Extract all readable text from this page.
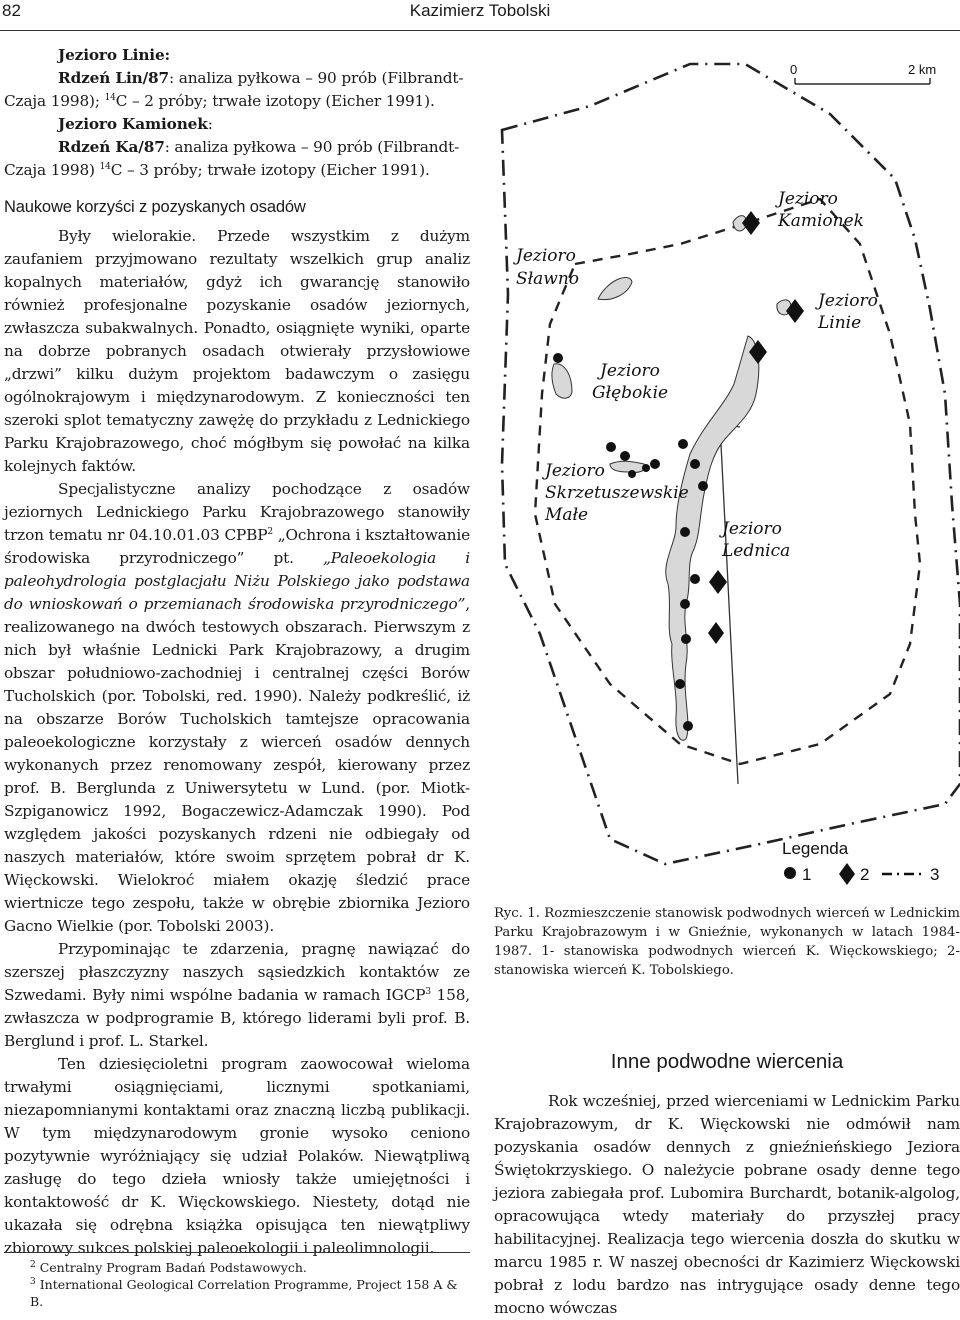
82	Kazimierz Tobolski

Jezioro Linie:

Rdzeń Lin/87: analiza pyłkowa – 90 prób (Filbrandt-

Czaja 1998); $^{14}$C – 2 próby; trwałe izotopy (Eicher 1991).

Jezioro Kamionek:

Rdzeń Ka/87: analiza pyłkowa – 90 prób (Filbrandt-

Czaja 1998) $^{14}$C – 3 próby; trwałe izotopy (Eicher 1991).

Naukowe korzyści z pozyskanych osadów

Były wielorakie. Przede wszystkim z dużym zaufaniem przyjmowano rezultaty wszelkich grup analiz kopalnych materiałów, gdyż ich gwarancję stanowiło również profesjonalne pozyskanie osadów jeziornych, zwłaszcza subakwalnych. Ponadto, osiągnięte wyniki, oparte na dobrze pobranych osadach otwierały przysłowiowe „drzwi” kilku dużym projektom badawczym o zasięgu ogólnokrajowym i międzynarodowym. Z konieczności ten szeroki splot tematyczny zawężę do przykładu z Lednickiego Parku Krajobrazowego, choć mógłbym się powołać na kilka kolejnych faktów.

Specjalistyczne analizy pochodzące z osadów jeziornych Lednickiego Parku Krajobrazowego stanowiły trzon tematu nr 04.10.01.03 CPBP$^2$ „Ochrona i kształtowanie środowiska przyrodniczego” pt. „Paleoekologia i paleohydrologia postglacjału Niżu Polskiego jako podstawa do wnioskowań o przemianach środowiska przyrodniczego”, realizowanego na dwóch testowych obszarach. Pierwszym z nich był właśnie Lednicki Park Krajobrazowy, a drugim obszar południowo-zachodniej i centralnej części Borów Tucholskich (por. Tobolski, red. 1990). Należy podkreślić, iż na obszarze Borów Tucholskich tamtejsze opracowania paleoekologiczne korzystały z wierceń osadów dennych wykonanych przez renomowany zespół, kierowany przez prof. B. Berglunda z Uniwersytetu w Lund. (por. Miotk-Szpiganowicz 1992, Bogaczewicz-Adamczak 1990). Pod względem jakości pozyskanych rdzeni nie odbiegały od naszych materiałów, które swoim sprzętem pobrał dr K. Więckowski. Wielokroć miałem okazję śledzić prace wiertnicze tego zespołu, także w obrębie zbiornika Jezioro Gacno Wielkie (por. Tobolski 2003).

Przypominając te zdarzenia, pragnę nawiązać do szerszej płaszczyzny naszych sąsiedzkich kontaktów ze Szwedami. Były nimi wspólne badania w ramach IGCP$^3$ 158, zwłaszcza w podprogramie B, którego liderami byli prof. B. Berglund i prof. L. Starkel.

Ten dziesięcioletni program zaowocował wieloma trwałymi osiągnięciami, licznymi spotkaniami, niezapomnianymi kontaktami oraz znaczną liczbą publikacji. W tym międzynarodowym gronie wysoko ceniono pozytywnie wyróżniający się udział Polaków. Niewątpliwą zasługę do tego dzieła wniosły także umiejętności i kontaktowość dr K. Więckowskiego. Niestety, dotąd nie ukazała się odrębna książka opisująca ten niewątpliwy zbiorowy sukces polskiej paleoekologii i paleolimnologii.

$^2$ Centralny Program Badań Podstawowych.

$^3$ International Geological Correlation Programme, Project 158 A & B.

0	2 km
Jezioro
Sławno
Jezioro
Kamionek
Jezioro
Linie
Jezioro
Głębokie
Jezioro
Skrzetuszewskie
Małe
Jezioro
Lednica
Legenda
1	2	3
Ryc. 1. Rozmieszczenie stanowisk podwodnych wierceń w Lednickim Parku Krajobrazowym i w Gnieźnie, wykonanych w latach 1984-1987. 1- stanowiska podwodnych wierceń K. Więckowskiego; 2- stanowiska wierceń K. Tobolskiego.
Inne podwodne wiercenia

Rok wcześniej, przed wierceniami w Lednickim Parku Krajobrazowym, dr K. Więckowski nie odmówił nam pozyskania osadów dennych z gnieźnieńskiego Jeziora Świętokrzyskiego. O należycie pobrane osady denne tego jeziora zabiegała prof. Lubomira Burchardt, botanik-algolog, opracowująca wtedy materiały do przyszłej pracy habilitacyjnej. Realizacja tego wiercenia doszła do skutku w marcu 1985 r. W naszej obecności dr Kazimierz Więckowski pobrał z lodu bardzo nas intrygujące osady denne tego mocno wówczas
